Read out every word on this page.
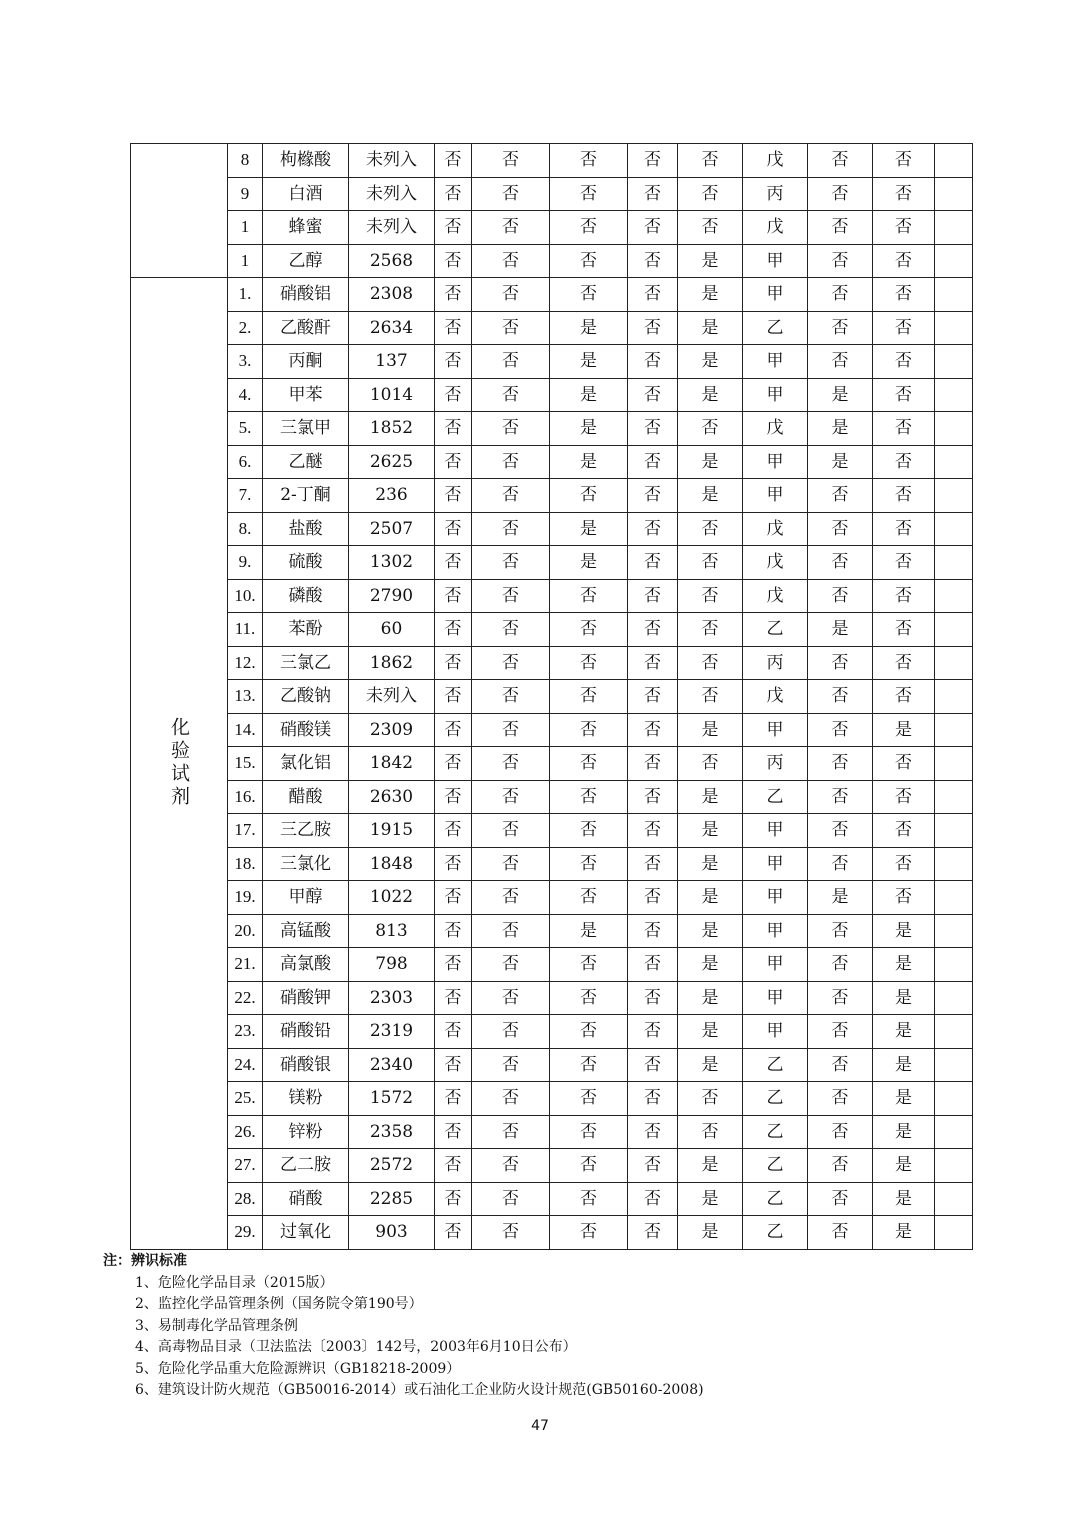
	8	枸橼酸	未列入	否	否	否	否	否	戊	否	否	
	9	白酒	未列入	否	否	否	否	否	丙	否	否	
	1	蜂蜜	未列入	否	否	否	否	否	戊	否	否	
	1	乙醇	2568	否	否	否	否	是	甲	否	否	
化验试剂	1.	硝酸铝	2308	否	否	否	否	是	甲	否	否	
	2.	乙酸酐	2634	否	否	是	否	是	乙	否	否	
	3.	丙酮	137	否	否	是	否	是	甲	否	否	
	4.	甲苯	1014	否	否	是	否	是	甲	是	否	
	5.	三氯甲	1852	否	否	是	否	否	戊	是	否	
	6.	乙醚	2625	否	否	是	否	是	甲	是	否	
	7.	2-丁酮	236	否	否	否	否	是	甲	否	否	
	8.	盐酸	2507	否	否	是	否	否	戊	否	否	
	9.	硫酸	1302	否	否	是	否	否	戊	否	否	
	10.	磷酸	2790	否	否	否	否	否	戊	否	否	
	11.	苯酚	60	否	否	否	否	否	乙	是	否	
	12.	三氯乙	1862	否	否	否	否	否	丙	否	否	
	13.	乙酸钠	未列入	否	否	否	否	否	戊	否	否	
	14.	硝酸镁	2309	否	否	否	否	是	甲	否	是	
	15.	氯化铝	1842	否	否	否	否	否	丙	否	否	
	16.	醋酸	2630	否	否	否	否	是	乙	否	否	
	17.	三乙胺	1915	否	否	否	否	是	甲	否	否	
	18.	三氯化	1848	否	否	否	否	是	甲	否	否	
	19.	甲醇	1022	否	否	否	否	是	甲	是	否	
	20.	高锰酸	813	否	否	是	否	是	甲	否	是	
	21.	高氯酸	798	否	否	否	否	是	甲	否	是	
	22.	硝酸钾	2303	否	否	否	否	是	甲	否	是	
	23.	硝酸铅	2319	否	否	否	否	是	甲	否	是	
	24.	硝酸银	2340	否	否	否	否	是	乙	否	是	
	25.	镁粉	1572	否	否	否	否	否	乙	否	是	
	26.	锌粉	2358	否	否	否	否	否	乙	否	是	
	27.	乙二胺	2572	否	否	否	否	是	乙	否	是	
	28.	硝酸	2285	否	否	否	否	是	乙	否	是	
	29.	过氧化	903	否	否	否	否	是	乙	否	是	
注：辨识标准
1、危险化学品目录（2015版）
2、监控化学品管理条例（国务院令第190号）
3、易制毒化学品管理条例
4、高毒物品目录（卫法监法〔2003〕142号，2003年6月10日公布）
5、危险化学品重大危险源辨识（GB18218-2009）
6、建筑设计防火规范（GB50016-2014）或石油化工企业防火设计规范(GB50160-2008)
47
